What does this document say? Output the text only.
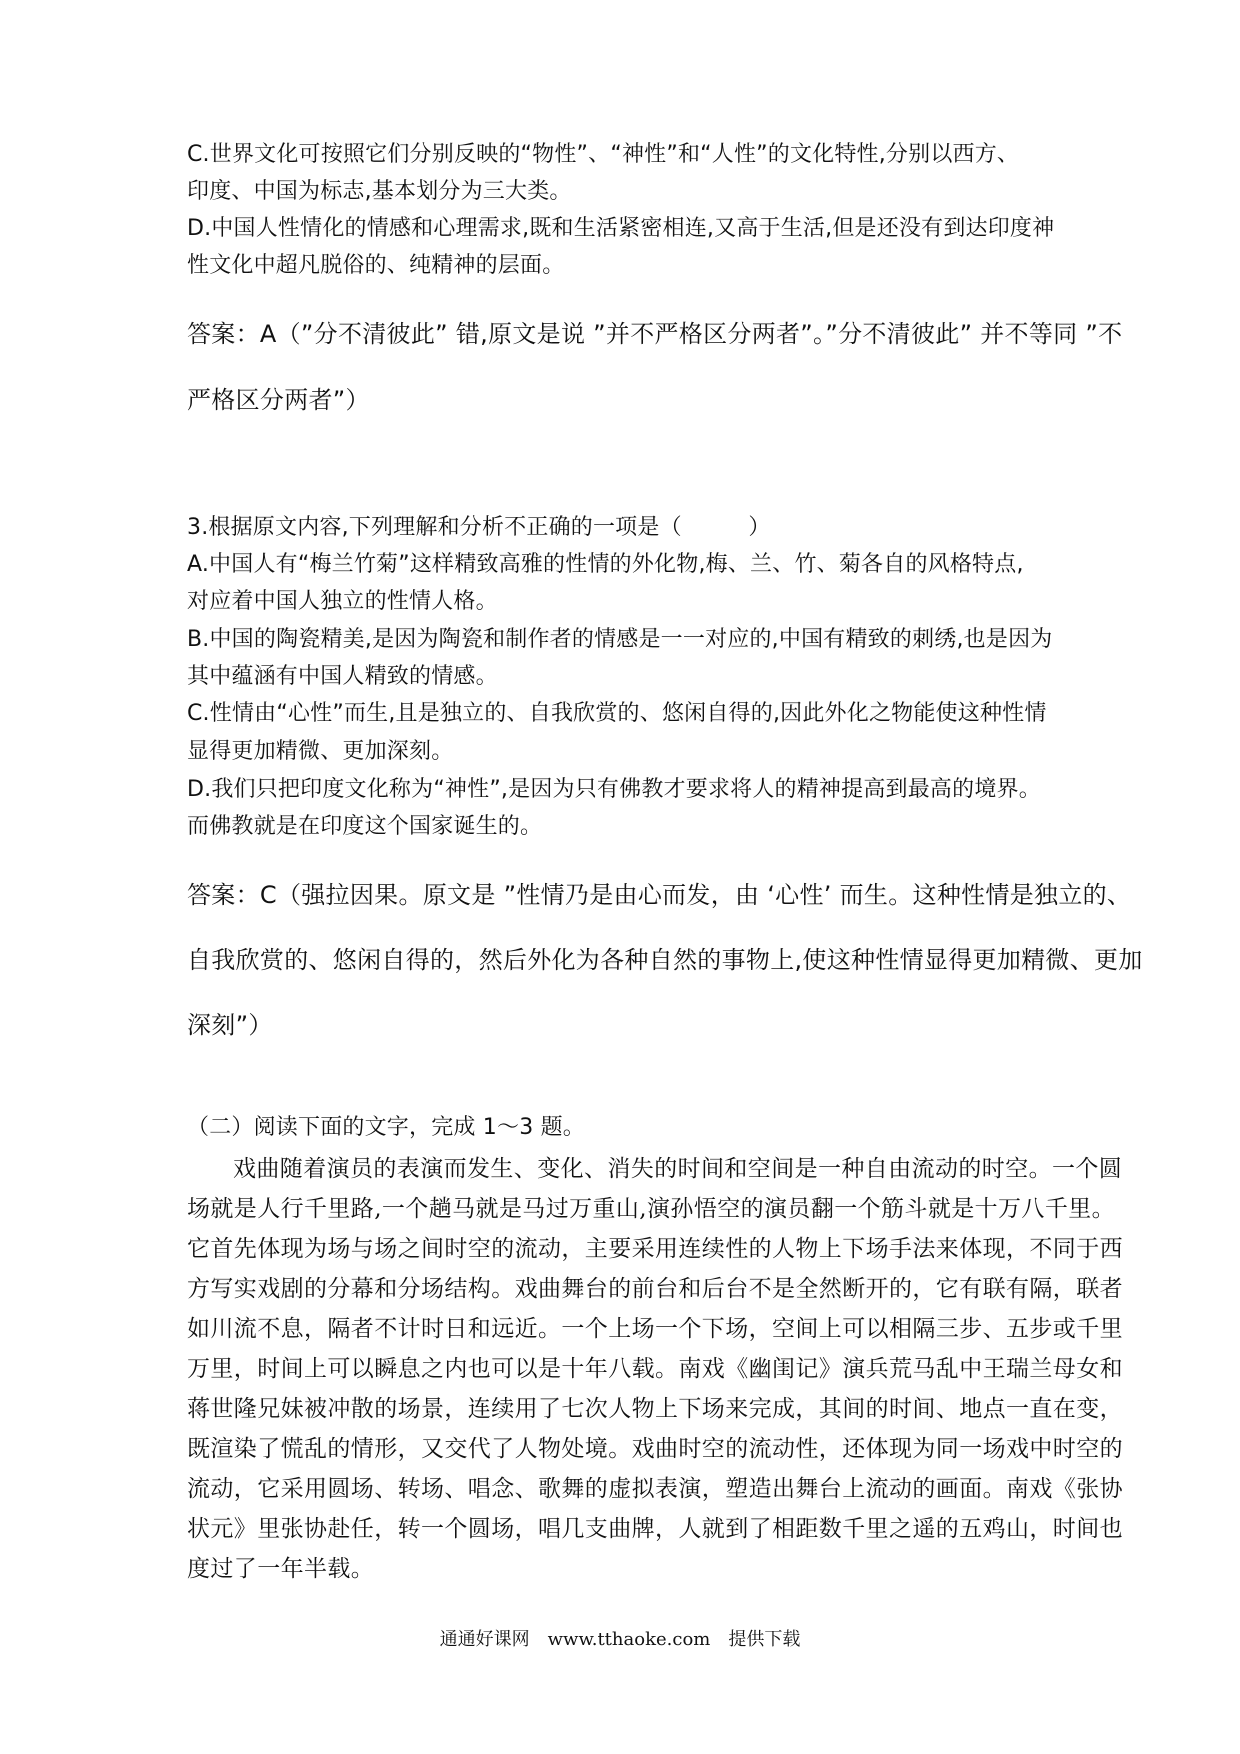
C.世界文化可按照它们分别反映的“物性”、“神性”和“人性”的文化特性,分别以西方、
印度、中国为标志,基本划分为三大类。
D.中国人性情化的情感和心理需求,既和生活紧密相连,又高于生活,但是还没有到达印度神
性文化中超凡脱俗的、纯精神的层面。
答案：A（”分不清彼此” 错,原文是说 ”并不严格区分两者”。”分不清彼此” 并不等同 ”不
严格区分两者”）
3.根据原文内容,下列理解和分析不正确的一项是（　　　）
A.中国人有“梅兰竹菊”这样精致高雅的性情的外化物,梅、兰、竹、菊各自的风格特点,
对应着中国人独立的性情人格。
B.中国的陶瓷精美,是因为陶瓷和制作者的情感是一一对应的,中国有精致的刺绣,也是因为
其中蕴涵有中国人精致的情感。
C.性情由“心性”而生,且是独立的、自我欣赏的、悠闲自得的,因此外化之物能使这种性情
显得更加精微、更加深刻。
D.我们只把印度文化称为“神性”,是因为只有佛教才要求将人的精神提高到最高的境界。
而佛教就是在印度这个国家诞生的。
答案：C（强拉因果。原文是 ”性情乃是由心而发，由 ‘心性’ 而生。这种性情是独立的、
自我欣赏的、悠闲自得的，然后外化为各种自然的事物上,使这种性情显得更加精微、更加
深刻”）
（二）阅读下面的文字，完成 1～3 题。
戏曲随着演员的表演而发生、变化、消失的时间和空间是一种自由流动的时空。一个圆
场就是人行千里路,一个趟马就是马过万重山,演孙悟空的演员翻一个筋斗就是十万八千里。
它首先体现为场与场之间时空的流动，主要采用连续性的人物上下场手法来体现，不同于西
方写实戏剧的分幕和分场结构。戏曲舞台的前台和后台不是全然断开的，它有联有隔，联者
如川流不息，隔者不计时日和远近。一个上场一个下场，空间上可以相隔三步、五步或千里
万里，时间上可以瞬息之内也可以是十年八载。南戏《幽闺记》演兵荒马乱中王瑞兰母女和
蒋世隆兄妹被冲散的场景，连续用了七次人物上下场来完成，其间的时间、地点一直在变，
既渲染了慌乱的情形，又交代了人物处境。戏曲时空的流动性，还体现为同一场戏中时空的
流动，它采用圆场、转场、唱念、歌舞的虚拟表演，塑造出舞台上流动的画面。南戏《张协
状元》里张协赴任，转一个圆场，唱几支曲牌，人就到了相距数千里之遥的五鸡山，时间也
度过了一年半载。
通通好课网　www.tthaoke.com　提供下载
